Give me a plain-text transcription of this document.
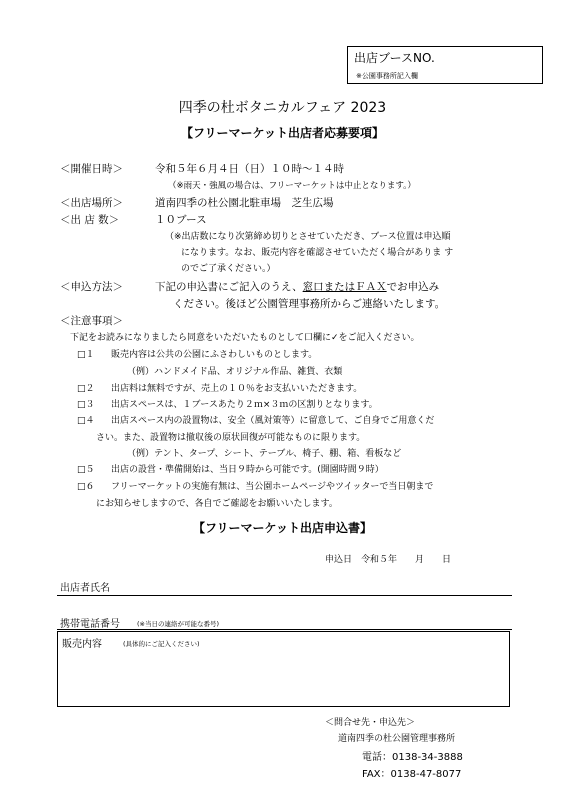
出店ブースNO.
※公園事務所記入欄
四季の杜ボタニカルフェア 2023
【フリーマーケット出店者応募要項】
＜開催日時＞	令和５年６月４日（日）１０時～１４時
（※雨天・強風の場合は、フリーマーケットは中止となります。）
＜出店場所＞	道南四季の杜公園北駐車場　芝生広場
＜出 店 数＞	１０ブース
（※出店数になり次第締め切りとさせていただき、ブース位置は申込順
になります。なお、販売内容を確認させていただく場合がありま す
のでご了承ください。）
＜申込方法＞	下記の申込書にご記入のうえ、窓口またはＦＡＸでお申込み
ください。後ほど公園管理事務所からご連絡いたします。
＜注意事項＞
下記をお読みになりましたら同意をいただいたものとして口欄に✓をご記入ください。
□１ 販売内容は公共の公園にふさわしいものとします。
（例）ハンドメイド品、オリジナル作品、雑貨、衣類
□２ 出店料は無料ですが、売上の１０％をお支払いいただきます。
□３ 出店スペースは、１ブースあたり２ｍ×３ｍの区割りとなります。
□４ 出店スペース内の設置物は、安全（風対策等）に留意して、ご自身でご用意くだ
さい。また、設置物は撤収後の原状回復が可能なものに限ります。
（例）テント、タープ、シート、テーブル、椅子、棚、箱、看板など
□５ 出店の設営・準備開始は、当日９時から可能です。(開園時間９時）
□６ フリーマーケットの実施有無は、当公園ホームページやツイッターで当日朝まで
にお知らせしますので、各自でご確認をお願いいたします。
【フリーマーケット出店申込書】
申込日　令和５年　　月　　日
出店者氏名
携帯電話番号	(※当日の連絡が可能な番号)
販売内容	(具体的にご記入ください)
＜問合せ先・申込先＞
道南四季の杜公園管理事務所
電話：0138-34-3888
FAX：0138-47-8077
